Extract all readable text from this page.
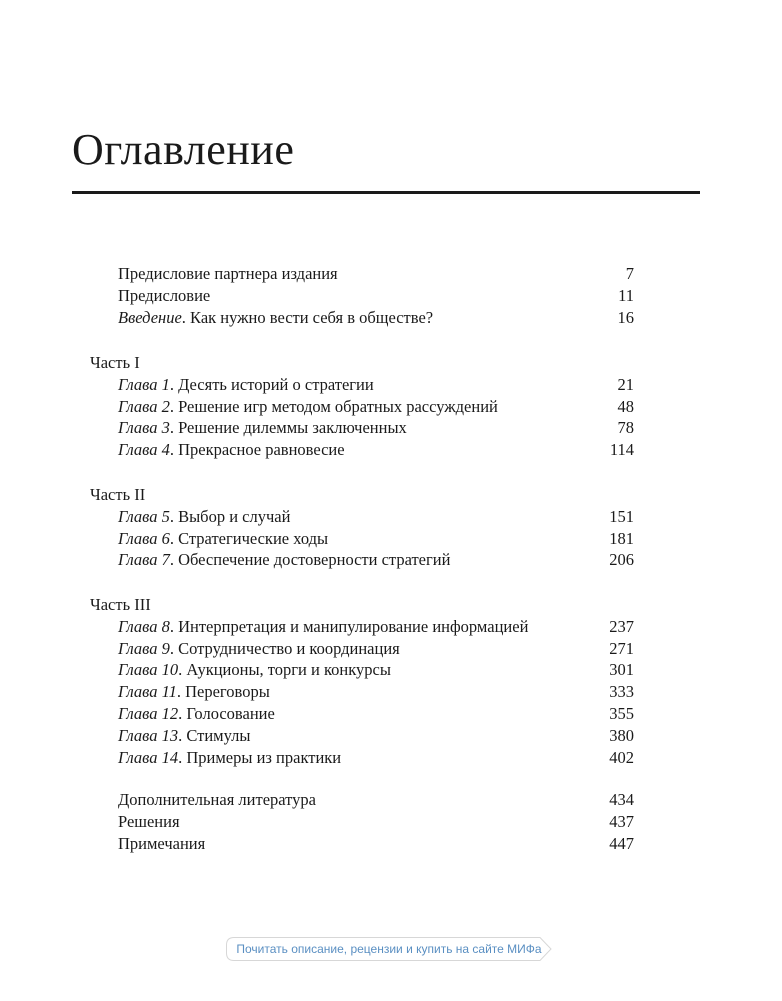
Оглавление
Предисловие партнера издания	7
Предисловие	11
Введение. Как нужно вести себя в обществе?	16
Часть I
Глава 1. Десять историй о стратегии	21
Глава 2. Решение игр методом обратных рассуждений	48
Глава 3. Решение дилеммы заключенных	78
Глава 4. Прекрасное равновесие	114
Часть II
Глава 5. Выбор и случай	151
Глава 6. Стратегические ходы	181
Глава 7. Обеспечение достоверности стратегий	206
Часть III
Глава 8. Интерпретация и манипулирование информацией	237
Глава 9. Сотрудничество и координация	271
Глава 10. Аукционы, торги и конкурсы	301
Глава 11. Переговоры	333
Глава 12. Голосование	355
Глава 13. Стимулы	380
Глава 14. Примеры из практики	402
Дополнительная литература	434
Решения	437
Примечания	447
Почитать описание, рецензии и купить на сайте МИФа
